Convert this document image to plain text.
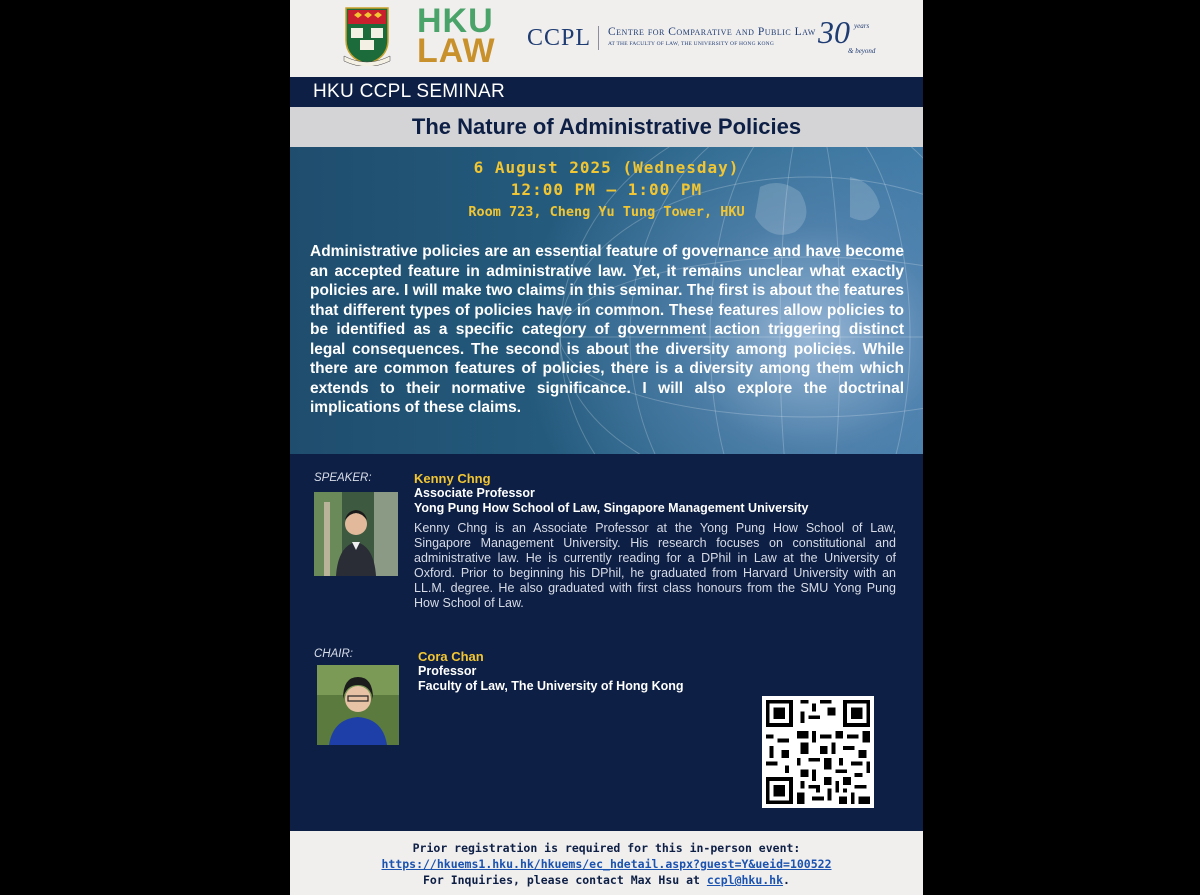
HKU
LAW CCPL Centre for Comparative and Public Law
AT THE FACULTY OF LAW, THE UNIVERSITY OF HONG KONG 30 years
& beyond
HKU CCPL SEMINAR
The Nature of Administrative Policies
6 August 2025 (Wednesday)
12:00 PM – 1:00 PM
Room 723, Cheng Yu Tung Tower, HKU
Administrative policies are an essential feature of governance and have become an accepted feature in administrative law. Yet, it remains unclear what exactly policies are. I will make two claims in this seminar. The first is about the features that different types of policies have in common. These features allow policies to be identified as a specific category of government action triggering distinct legal consequences. The second is about the diversity among policies. While there are common features of policies, there is a diversity among them which extends to their normative significance. I will also explore the doctrinal implications of these claims.
SPEAKER:	Kenny Chng
Associate Professor
Yong Pung How School of Law, Singapore Management University
Kenny Chng is an Associate Professor at the Yong Pung How School of Law, Singapore Management University. His research focuses on constitutional and administrative law. He is currently reading for a DPhil in Law at the University of Oxford. Prior to beginning his DPhil, he graduated from Harvard University with an LL.M. degree. He also graduated with first class honours from the SMU Yong Pung How School of Law.
CHAIR:	Cora Chan
Professor
Faculty of Law, The University of Hong Kong
Prior registration is required for this in-person event:
https://hkuems1.hku.hk/hkuems/ec_hdetail.aspx?guest=Y&ueid=100522
For Inquiries, please contact Max Hsu at ccpl@hku.hk.
